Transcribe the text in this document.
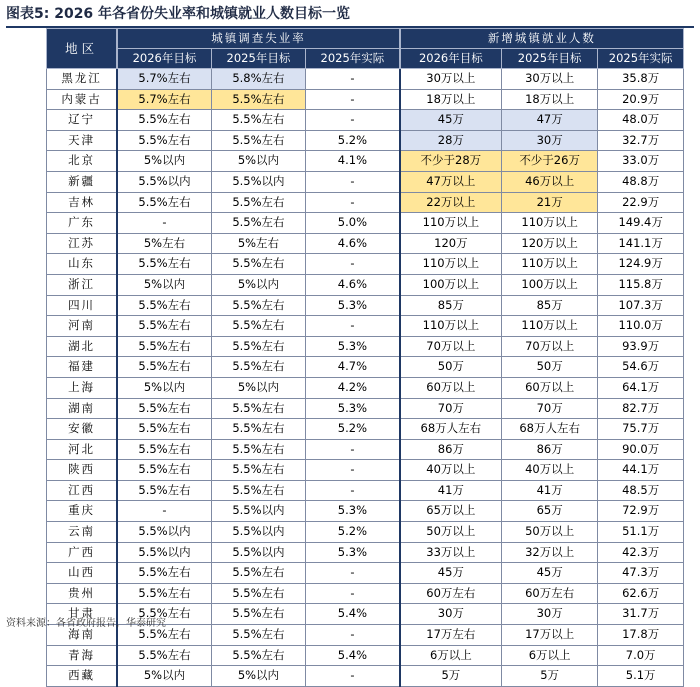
图表5: 2026 年各省份失业率和城镇就业人数目标一览
地区	城镇调查失业率			新增城镇就业人数		
	2026年目标	2025年目标	2025年实际	2026年目标	2025年目标	2025年实际
黑龙江	5.7%左右	5.8%左右	-	30万以上	30万以上	35.8万
内蒙古	5.7%左右	5.5%左右	-	18万以上	18万以上	20.9万
辽宁	5.5%左右	5.5%左右	-	45万	47万	48.0万
天津	5.5%左右	5.5%左右	5.2%	28万	30万	32.7万
北京	5%以内	5%以内	4.1%	不少于28万	不少于26万	33.0万
新疆	5.5%以内	5.5%以内	-	47万以上	46万以上	48.8万
吉林	5.5%左右	5.5%左右	-	22万以上	21万	22.9万
广东	-	5.5%左右	5.0%	110万以上	110万以上	149.4万
江苏	5%左右	5%左右	4.6%	120万	120万以上	141.1万
山东	5.5%左右	5.5%左右	-	110万以上	110万以上	124.9万
浙江	5%以内	5%以内	4.6%	100万以上	100万以上	115.8万
四川	5.5%左右	5.5%左右	5.3%	85万	85万	107.3万
河南	5.5%左右	5.5%左右	-	110万以上	110万以上	110.0万
湖北	5.5%左右	5.5%左右	5.3%	70万以上	70万以上	93.9万
福建	5.5%左右	5.5%左右	4.7%	50万	50万	54.6万
上海	5%以内	5%以内	4.2%	60万以上	60万以上	64.1万
湖南	5.5%左右	5.5%左右	5.3%	70万	70万	82.7万
安徽	5.5%左右	5.5%左右	5.2%	68万人左右	68万人左右	75.7万
河北	5.5%左右	5.5%左右	-	86万	86万	90.0万
陕西	5.5%左右	5.5%左右	-	40万以上	40万以上	44.1万
江西	5.5%左右	5.5%左右	-	41万	41万	48.5万
重庆	-	5.5%以内	5.3%	65万以上	65万	72.9万
云南	5.5%以内	5.5%以内	5.2%	50万以上	50万以上	51.1万
广西	5.5%以内	5.5%以内	5.3%	33万以上	32万以上	42.3万
山西	5.5%左右	5.5%左右	-	45万	45万	47.3万
贵州	5.5%左右	5.5%左右	-	60万左右	60万左右	62.6万
甘肃	5.5%左右	5.5%左右	5.4%	30万	30万	31.7万
海南	5.5%左右	5.5%左右	-	17万左右	17万以上	17.8万
青海	5.5%左右	5.5%左右	5.4%	6万以上	6万以上	7.0万
西藏	5%以内	5%以内	-	5万	5万	5.1万
资料来源：各省政府报告，华泰研究
